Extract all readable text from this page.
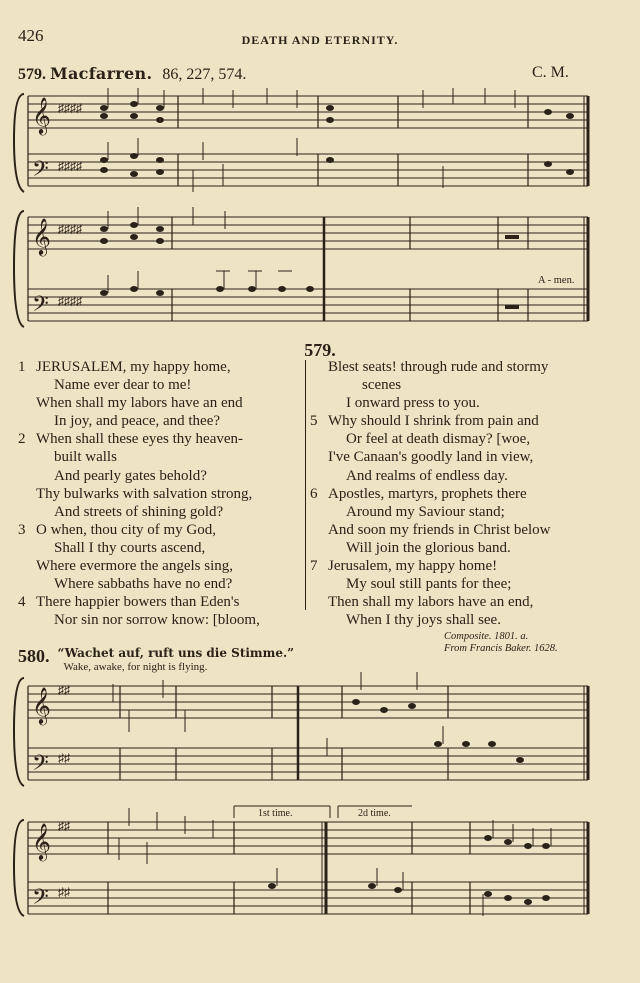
426	DEATH AND ETERNITY.
579. Macfarren. 86, 227, 574.	C. M.
𝄞
𝄢
♯♯♯♯
♯♯♯♯
𝄞
𝄢
♯♯♯♯
♯♯♯♯
A - men.
579.
1 JERUSALEM, my happy home,
Name ever dear to me!
When shall my labors have an end
In joy, and peace, and thee?
2 When shall these eyes thy heaven-
built walls
And pearly gates behold?
Thy bulwarks with salvation strong,
And streets of shining gold?
3 O when, thou city of my God,
Shall I thy courts ascend,
Where evermore the angels sing,
Where sabbaths have no end?
4 There happier bowers than Eden's
Nor sin nor sorrow know: [bloom,
Blest seats! through rude and stormy
scenes
I onward press to you.
5 Why should I shrink from pain and
Or feel at death dismay? [woe,
I've Canaan's goodly land in view,
And realms of endless day.
6 Apostles, martyrs, prophets there
Around my Saviour stand;
And soon my friends in Christ below
Will join the glorious band.
7 Jerusalem, my happy home!
My soul still pants for thee;
Then shall my labors have an end,
When I thy joys shall see.
Composite. 1801. a.
From Francis Baker. 1628.
580. “Wachet auf, ruft uns die Stimme.”
Wake, awake, for night is flying.
𝄞
𝄢
♯♯
♯♯
1st time.	2d time.
𝄞
𝄢
♯♯
♯♯
